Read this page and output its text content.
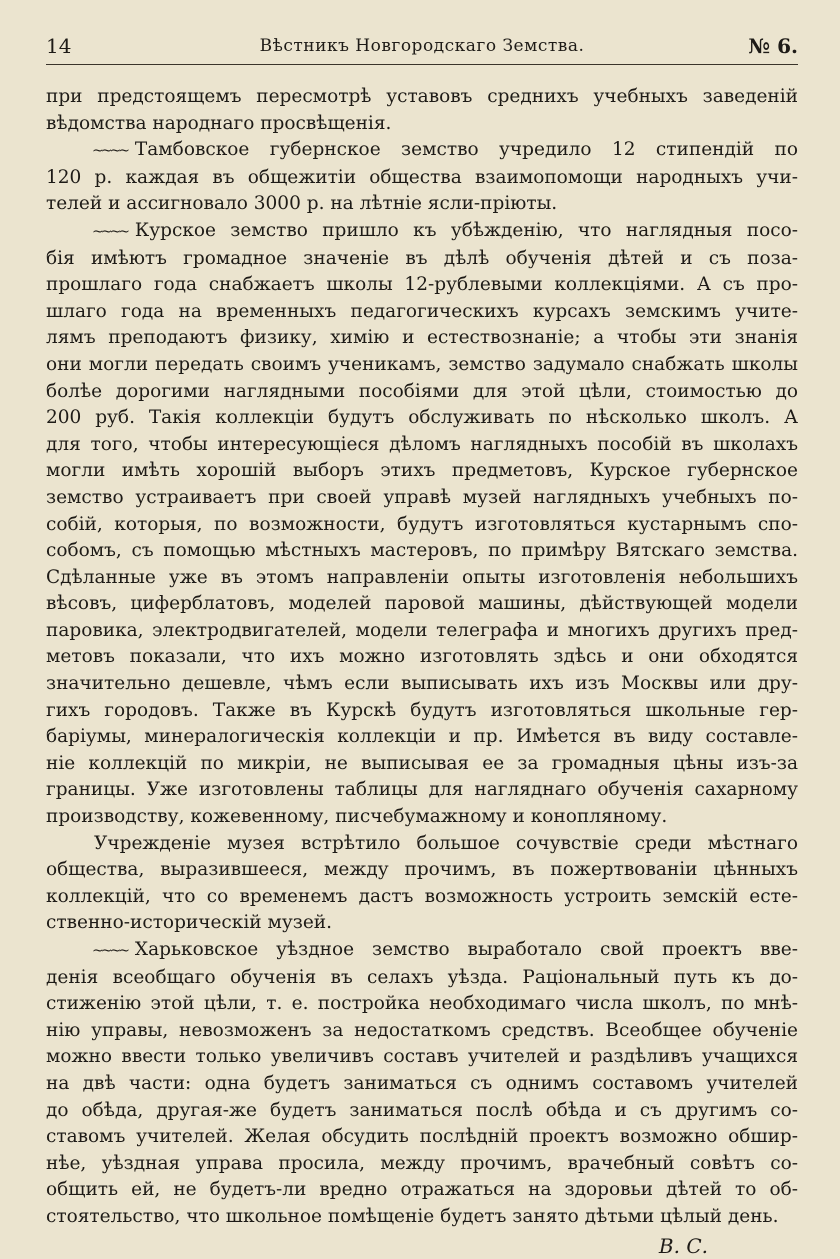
14	Вѣстникъ Новгородскаго Земства.	№ 6.

при предстоящемъ пересмотрѣ уставовъ среднихъ учебныхъ заведеній
вѣдомства народнаго просвѣщенія.

~~~~ Тамбовское губернское земство учредило 12 стипендій по
120 р. каждая въ общежитіи общества взаимопомощи народныхъ учи-
телей и ассигновало 3000 р. на лѣтніе ясли-пріюты.

~~~~ Курское земство пришло къ убѣжденію, что наглядныя посо-
бія имѣютъ громадное значеніе въ дѣлѣ обученія дѣтей и съ поза-
прошлаго года снабжаетъ школы 12-рублевыми коллекціями. А съ про-
шлаго года на временныхъ педагогическихъ курсахъ земскимъ учите-
лямъ преподаютъ физику, химію и естествознаніе; а чтобы эти знанія
они могли передать своимъ ученикамъ, земство задумало снабжать школы
болѣе дорогими наглядными пособіями для этой цѣли, стоимостью до
200 руб. Такія коллекціи будутъ обслуживать по нѣсколько школъ. А
для того, чтобы интересующіеся дѣломъ наглядныхъ пособій въ школахъ
могли имѣть хорошій выборъ этихъ предметовъ, Курское губернское
земство устраиваетъ при своей управѣ музей наглядныхъ учебныхъ по-
собій, которыя, по возможности, будутъ изготовляться кустарнымъ спо-
собомъ, съ помощью мѣстныхъ мастеровъ, по примѣру Вятскаго земства.
Сдѣланные уже въ этомъ направленіи опыты изготовленія небольшихъ
вѣсовъ, циферблатовъ, моделей паровой машины, дѣйствующей модели
паровика, электродвигателей, модели телеграфа и многихъ другихъ пред-
метовъ показали, что ихъ можно изготовлять здѣсь и они обходятся
значительно дешевле, чѣмъ если выписывать ихъ изъ Москвы или дру-
гихъ городовъ. Также въ Курскѣ будутъ изготовляться школьные гер-
баріумы, минералогическія коллекціи и пр. Имѣется въ виду составле-
ніе коллекцій по микріи, не выписывая ее за громадныя цѣны изъ-за
границы. Уже изготовлены таблицы для нагляднаго обученія сахарному
производству, кожевенному, писчебумажному и конопляному.

Учрежденіе музея встрѣтило большое сочувствіе среди мѣстнаго
общества, выразившееся, между прочимъ, въ пожертвованіи цѣнныхъ
коллекцій, что со временемъ дастъ возможность устроить земскій есте-
ственно-историческій музей.

~~~~ Харьковское уѣздное земство выработало свой проектъ вве-
денія всеобщаго обученія въ селахъ уѣзда. Раціональный путь къ до-
стиженію этой цѣли, т. е. постройка необходимаго числа школъ, по мнѣ-
нію управы, невозможенъ за недостаткомъ средствъ. Всеобщее обученіе
можно ввести только увеличивъ составъ учителей и раздѣливъ учащихся
на двѣ части: одна будетъ заниматься съ однимъ составомъ учителей
до обѣда, другая-же будетъ заниматься послѣ обѣда и съ другимъ со-
ставомъ учителей. Желая обсудить послѣдній проектъ возможно обшир-
нѣе, уѣздная управа просила, между прочимъ, врачебный совѣтъ со-
общить ей, не будетъ-ли вредно отражаться на здоровьи дѣтей то об-
стоятельство, что школьное помѣщеніе будетъ занято дѣтьми цѣлый день.

В. С.
